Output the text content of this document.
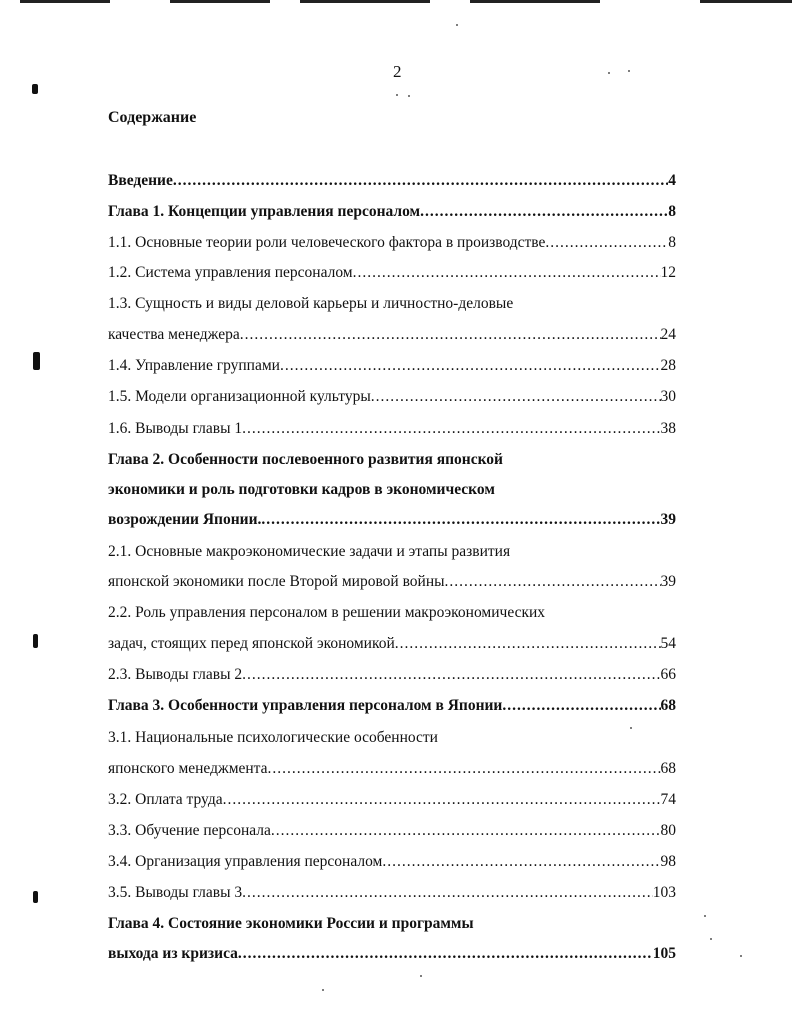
2
Содержание
Введение .....	4
Глава 1. Концепции управления персоналом .....	8
1.1. Основные теории роли человеческого фактора в производстве .....	8
1.2. Система управления персоналом .....	12
1.3. Сущность и виды деловой карьеры и личностно-деловые
качества менеджера .....	24
1.4. Управление группами .....	28
1.5. Модели организационной культуры .....	30
1.6. Выводы главы 1 .....	38
Глава 2. Особенности послевоенного развития японской
экономики и роль подготовки кадров в экономическом
возрождении Японии. .....	39
2.1. Основные макроэкономические задачи и этапы развития
японской экономики после Второй мировой войны .....	39
2.2. Роль управления персоналом в решении макроэкономических
задач, стоящих перед японской экономикой .....	54
2.3. Выводы главы 2 .....	66
Глава 3. Особенности управления персоналом в Японии .....	68
3.1. Национальные психологические особенности
японского менеджмента .....	68
3.2. Оплата труда .....	74
3.3. Обучение персонала .....	80
3.4. Организация управления персоналом .....	98
3.5. Выводы главы 3 .....	103
Глава 4. Состояние экономики России и программы
выхода из кризиса .....	105
